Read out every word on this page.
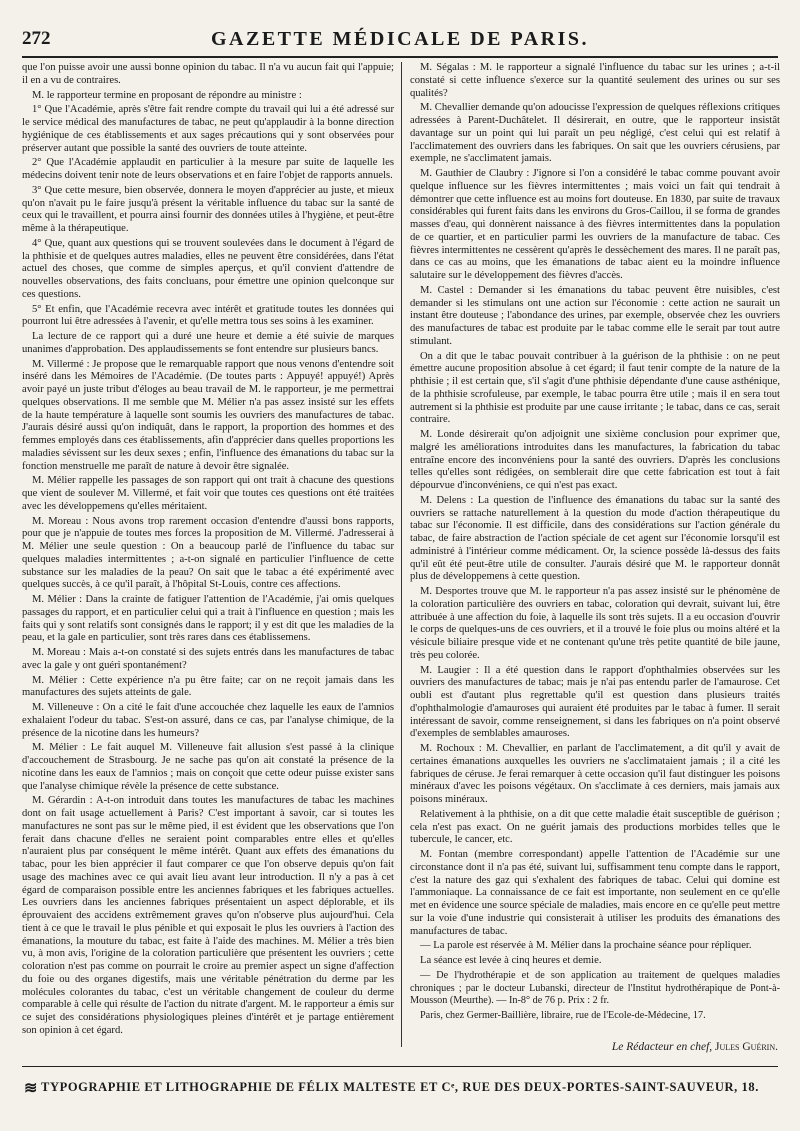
272	GAZETTE MÉDICALE DE PARIS.

que l'on puisse avoir une aussi bonne opinion du tabac. Il n'a vu aucun fait qui l'appuie; il en a vu de contraires.

M. le rapporteur termine en proposant de répondre au ministre :

1° Que l'Académie, après s'être fait rendre compte du travail qui lui a été adressé sur le service médical des manufactures de tabac, ne peut qu'applaudir à la bonne direction hygiénique de ces établissements et aux sages précautions qui y sont observées pour préserver autant que possible la santé des ouvriers de toute atteinte.

2° Que l'Académie applaudit en particulier à la mesure par suite de laquelle les médecins doivent tenir note de leurs observations et en faire l'objet de rapports annuels.

3° Que cette mesure, bien observée, donnera le moyen d'apprécier au juste, et mieux qu'on n'avait pu le faire jusqu'à présent la véritable influence du tabac sur la santé de ceux qui le travaillent, et pourra ainsi fournir des données utiles à l'hygiène, et peut-être même à la thérapeutique.

4° Que, quant aux questions qui se trouvent soulevées dans le document à l'égard de la phthisie et de quelques autres maladies, elles ne peuvent être considérées, dans l'état actuel des choses, que comme de simples aperçus, et qu'il convient d'attendre de nouvelles observations, des faits concluans, pour émettre une opinion quelconque sur ces questions.

5° Et enfin, que l'Académie recevra avec intérêt et gratitude toutes les données qui pourront lui être adressées à l'avenir, et qu'elle mettra tous ses soins à les examiner.

La lecture de ce rapport qui a duré une heure et demie a été suivie de marques unanimes d'approbation. Des applaudissements se font entendre sur plusieurs bancs.

M. Villermé : Je propose que le remarquable rapport que nous venons d'entendre soit inséré dans les Mémoires de l'Académie. (De toutes parts : Appuyé! appuyé!) Après avoir payé un juste tribut d'éloges au beau travail de M. le rapporteur, je me permettrai quelques observations. Il me semble que M. Mélier n'a pas assez insisté sur les effets de la haute température à laquelle sont soumis les ouvriers des manufactures de tabac. J'aurais désiré aussi qu'on indiquât, dans le rapport, la proportion des hommes et des femmes employés dans ces établissements, afin d'apprécier dans quelles proportions les maladies sévissent sur les deux sexes ; enfin, l'influence des émanations du tabac sur la fonction menstruelle me paraît de nature à devoir être signalée.

M. Mélier rappelle les passages de son rapport qui ont trait à chacune des questions que vient de soulever M. Villermé, et fait voir que toutes ces questions ont été traitées avec les développemens qu'elles méritaient.

M. Moreau : Nous avons trop rarement occasion d'entendre d'aussi bons rapports, pour que je n'appuie de toutes mes forces la proposition de M. Villermé. J'adresserai à M. Mélier une seule question : On a beaucoup parlé de l'influence du tabac sur quelques maladies intermittentes ; a-t-on signalé en particulier l'influence de cette substance sur les maladies de la peau? On sait que le tabac a été expérimenté avec quelques succès, à ce qu'il paraît, à l'hôpital St-Louis, contre ces affections.

M. Mélier : Dans la crainte de fatiguer l'attention de l'Académie, j'ai omis quelques passages du rapport, et en particulier celui qui a trait à l'influence en question ; mais les faits qui y sont relatifs sont consignés dans le rapport; il y est dit que les maladies de la peau, et la gale en particulier, sont très rares dans ces établissemens.

M. Moreau : Mais a-t-on constaté si des sujets entrés dans les manufactures de tabac avec la gale y ont guéri spontanément?

M. Mélier : Cette expérience n'a pu être faite; car on ne reçoit jamais dans les manufactures des sujets atteints de gale.

M. Villeneuve : On a cité le fait d'une accouchée chez laquelle les eaux de l'amnios exhalaient l'odeur du tabac. S'est-on assuré, dans ce cas, par l'analyse chimique, de la présence de la nicotine dans les humeurs?

M. Mélier : Le fait auquel M. Villeneuve fait allusion s'est passé à la clinique d'accouchement de Strasbourg. Je ne sache pas qu'on ait constaté la présence de la nicotine dans les eaux de l'amnios ; mais on conçoit que cette odeur puisse exister sans que l'analyse chimique révèle la présence de cette substance.

M. Gérardin : A-t-on introduit dans toutes les manufactures de tabac les machines dont on fait usage actuellement à Paris? C'est important à savoir, car si toutes les manufactures ne sont pas sur le même pied, il est évident que les observations que l'on ferait dans chacune d'elles ne seraient point comparables entre elles et qu'elles n'auraient plus par conséquent le même intérêt. Quant aux effets des émanations du tabac, pour les bien apprécier il faut comparer ce que l'on observe depuis qu'on fait usage des machines avec ce qui avait lieu avant leur introduction. Il n'y a pas à cet égard de comparaison possible entre les anciennes fabriques et les fabriques actuelles. Les ouvriers dans les anciennes fabriques présentaient un aspect déplorable, et ils éprouvaient des accidens extrêmement graves qu'on n'observe plus aujourd'hui. Cela tient à ce que le travail le plus pénible et qui exposait le plus les ouvriers à l'action des émanations, la mouture du tabac, est faite à l'aide des machines. M. Mélier a très bien vu, à mon avis, l'origine de la coloration particulière que présentent les ouvriers ; cette coloration n'est pas comme on pourrait le croire au premier aspect un signe d'affection du foie ou des organes digestifs, mais une véritable pénétration du derme par les molécules colorantes du tabac, c'est un véritable changement de couleur du derme comparable à celle qui résulte de l'action du nitrate d'argent. M. le rapporteur a émis sur ce sujet des considérations physiologiques pleines d'intérêt et je partage entièrement son opinion à cet égard.

M. Ségalas : M. le rapporteur a signalé l'influence du tabac sur les urines ; a-t-il constaté si cette influence s'exerce sur la quantité seulement des urines ou sur ses qualités?

M. Chevallier demande qu'on adoucisse l'expression de quelques réflexions critiques adressées à Parent-Duchâtelet. Il désirerait, en outre, que le rapporteur insistât davantage sur un point qui lui paraît un peu négligé, c'est celui qui est relatif à l'acclimatement des ouvriers dans les fabriques. On sait que les ouvriers cérusiens, par exemple, ne s'acclimatent jamais.

M. Gauthier de Claubry : J'ignore si l'on a considéré le tabac comme pouvant avoir quelque influence sur les fièvres intermittentes ; mais voici un fait qui tendrait à démontrer que cette influence est au moins fort douteuse. En 1830, par suite de travaux considérables qui furent faits dans les environs du Gros-Caillou, il se forma de grandes masses d'eau, qui donnèrent naissance à des fièvres intermittentes dans la population de ce quartier, et en particulier parmi les ouvriers de la manufacture de tabac. Ces fièvres intermittentes ne cessèrent qu'après le dessèchement des mares. Il ne paraît pas, dans ce cas au moins, que les émanations de tabac aient eu la moindre influence salutaire sur le développement des fièvres d'accès.

M. Castel : Demander si les émanations du tabac peuvent être nuisibles, c'est demander si les stimulans ont une action sur l'économie : cette action ne saurait un instant être douteuse ; l'abondance des urines, par exemple, observée chez les ouvriers des manufactures de tabac est produite par le tabac comme elle le serait par tout autre stimulant.

On a dit que le tabac pouvait contribuer à la guérison de la phthisie : on ne peut émettre aucune proposition absolue à cet égard; il faut tenir compte de la nature de la phthisie ; il est certain que, s'il s'agit d'une phthisie dépendante d'une cause asthénique, de la phthisie scrofuleuse, par exemple, le tabac pourra être utile ; mais il en sera tout autrement si la phthisie est produite par une cause irritante ; le tabac, dans ce cas, serait contraire.

M. Londe désirerait qu'on adjoignit une sixième conclusion pour exprimer que, malgré les améliorations introduites dans les manufactures, la fabrication du tabac entraîne encore des inconvéniens pour la santé des ouvriers. D'après les conclusions telles qu'elles sont rédigées, on semblerait dire que cette fabrication est tout à fait dépourvue d'inconvéniens, ce qui n'est pas exact.

M. Delens : La question de l'influence des émanations du tabac sur la santé des ouvriers se rattache naturellement à la question du mode d'action thérapeutique du tabac sur l'économie. Il est difficile, dans des considérations sur l'action générale du tabac, de faire abstraction de l'action spéciale de cet agent sur l'économie lorsqu'il est administré à l'intérieur comme médicament. Or, la science possède là-dessus des faits qu'il eût été peut-être utile de consulter. J'aurais désiré que M. le rapporteur donnât plus de développemens à cette question.

M. Desportes trouve que M. le rapporteur n'a pas assez insisté sur le phénomène de la coloration particulière des ouvriers en tabac, coloration qui devrait, suivant lui, être attribuée à une affection du foie, à laquelle ils sont très sujets. Il a eu occasion d'ouvrir le corps de quelques-uns de ces ouvriers, et il a trouvé le foie plus ou moins altéré et la vésicule biliaire presque vide et ne contenant qu'une très petite quantité de bile jaune, très peu colorée.

M. Laugier : Il a été question dans le rapport d'ophthalmies observées sur les ouvriers des manufactures de tabac; mais je n'ai pas entendu parler de l'amaurose. Cet oubli est d'autant plus regrettable qu'il est question dans plusieurs traités d'ophthalmologie d'amauroses qui auraient été produites par le tabac à fumer. Il serait intéressant de savoir, comme renseignement, si dans les fabriques on n'a point observé d'exemples de semblables amauroses.

M. Rochoux : M. Chevallier, en parlant de l'acclimatement, a dit qu'il y avait de certaines émanations auxquelles les ouvriers ne s'acclimataient jamais ; il a cité les fabriques de céruse. Je ferai remarquer à cette occasion qu'il faut distinguer les poisons minéraux d'avec les poisons végétaux. On s'acclimate à ces derniers, mais jamais aux poisons minéraux.

Relativement à la phthisie, on a dit que cette maladie était susceptible de guérison ; cela n'est pas exact. On ne guérit jamais des productions morbides telles que le tubercule, le cancer, etc.

M. Fontan (membre correspondant) appelle l'attention de l'Académie sur une circonstance dont il n'a pas été, suivant lui, suffisamment tenu compte dans le rapport, c'est la nature des gaz qui s'exhalent des fabriques de tabac. Celui qui domine est l'ammoniaque. La connaissance de ce fait est importante, non seulement en ce qu'elle met en évidence une source spéciale de maladies, mais encore en ce qu'elle peut mettre sur la voie d'une industrie qui consisterait à utiliser les produits des émanations des manufactures de tabac.

— La parole est réservée à M. Mélier dans la prochaine séance pour répliquer.

La séance est levée à cinq heures et demie.

— De l'hydrothérapie et de son application au traitement de quelques maladies chroniques ; par le docteur Lubanski, directeur de l'Institut hydrothérapique de Pont-à-Mousson (Meurthe). — In-8° de 76 p. Prix : 2 fr.

Paris, chez Germer-Baillière, libraire, rue de l'Ecole-de-Médecine, 17.

Le Rédacteur en chef, Jules Guérin.
≋ TYPOGRAPHIE ET LITHOGRAPHIE DE FÉLIX MALTESTE ET Cᵉ, RUE DES DEUX-PORTES-SAINT-SAUVEUR, 18.
